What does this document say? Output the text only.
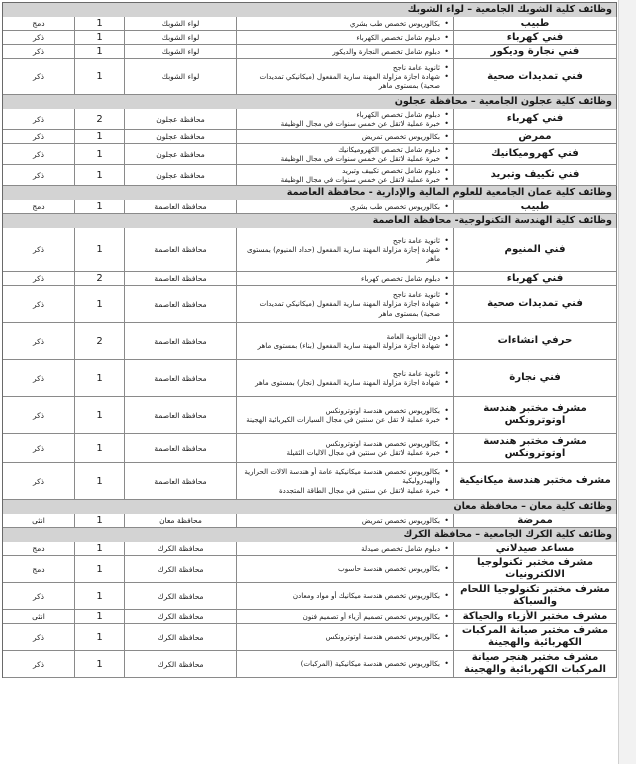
وظائف كلية الشوبك الجامعية – لواء الشوبك
طبيب
• بكالوريوس تخصص طب بشري
لواء الشوبك
1
دمج
فني كهرباء
• دبلوم شامل تخصص الكهرباء
لواء الشوبك
1
ذكر
فني نجارة وديكور
• دبلوم شامل تخصص النجارة والديكور
لواء الشوبك
1
ذكر
فني تمديدات صحية
• ثانوية عامة ناجح
• شهادة اجازة مزاولة المهنة سارية المفعول (ميكانيكي تمديدات صحية) بمستوى ماهر
لواء الشوبك
1
ذكر
وظائف كلية عجلون الجامعية – محافظة عجلون
فني كهرباء
• دبلوم شامل تخصص الكهرباء
• خبرة عملية لاتقل عن خمس سنوات في مجال الوظيفة
محافظة عجلون
2
ذكر
ممرض
• بكالوريوس تخصص تمريض
محافظة عجلون
1
ذكر
فني كهروميكانيك
• دبلوم شامل تخصص الكهروميكانيك
• خبرة عملية لاتقل عن خمس سنوات في مجال الوظيفة
محافظة عجلون
1
ذكر
فني تكييف وتبريد
• دبلوم شامل تخصص تكييف وتبريد
• خبرة عملية لاتقل عن خمس سنوات في مجال الوظيفة
محافظة عجلون
1
ذكر
وظائف كلية عمان الجامعية للعلوم المالية والإدارية - محافظة العاصمة
طبيب
• بكالوريوس تخصص طب بشري
محافظة العاصمة
1
دمج
وظائف كلية الهندسة التكنولوجية- محافظة العاصمة
فني المنيوم
• ثانوية عامة ناجح
• شهادة إجازة مزاولة المهنة سارية المفعول (حداد المنيوم) بمستوى ماهر
محافظة العاصمة
1
ذكر
فني كهرباء
• دبلوم شامل تخصص كهرباء
محافظة العاصمة
2
ذكر
فني تمديدات صحية
• ثانوية عامة ناجح
• شهادة اجازة مزاولة المهنة سارية المفعول (ميكانيكي تمديدات صحية) بمستوى ماهر
محافظة العاصمة
1
ذكر
حرفي انشاءات
• دون الثانوية العامة
• شهادة اجازة مزاولة المهنة سارية المفعول (بناء) بمستوى ماهر
محافظة العاصمة
2
ذكر
فني نجارة
• ثانوية عامة ناجح
• شهادة اجازة مزاولة المهنة سارية المفعول (نجار) بمستوى ماهر
محافظة العاصمة
1
ذكر
مشرف مختبر هندسة اوتوترونكس
• بكالوريوس تخصص هندسة اوتوترونكس
• خبرة عملية لا تقل عن سنتين في مجال السيارات الكيربائية الهجينة
محافظة العاصمة
1
ذكر
مشرف مختبر هندسة اوتوترونكس
• بكالوريوس تخصص هندسة اوتوترونكس
• خبرة عملية لاتقل عن سنتين في مجال الاليات الثقيلة
محافظة العاصمة
1
ذكر
مشرف مختبر هندسة ميكانيكية
• بكالوريوس تخصص هندسة ميكانيكية عامة أو هندسة الالات الحرارية والهيدروليكية
• خبرة عملية لاتقل عن سنتين في مجال الطاقة المتجددة
محافظة العاصمة
1
ذكر
وظائف كلية معان – محافظة معان
ممرضة
• بكالوريوس تخصص تمريض
محافظة معان
1
انثى
وظائف كلية الكرك الجامعية – محافظة الكرك
مساعد صيدلاني
• دبلوم شامل تخصص صيدلة
محافظة الكرك
1
دمج
مشرف مختبر تكنولوجيا الالكترونيات
• بكالوريوس تخصص هندسة حاسوب
محافظة الكرك
1
دمج
مشرف مختبر تكنولوجيا اللحام والسباكة
• بكالوريوس تخصص هندسة ميكانيك أو مواد ومعادن
محافظة الكرك
1
ذكر
مشرف مختبر الأزياء والحياكة
• بكالوريوس تخصص تصميم أزياء أو تصميم فنون
محافظة الكرك
1
انثى
مشرف مختبر صيانة المركبات الكهربائية والهجينة
• بكالوريوس تخصص هندسة اوتوترونكس
محافظة الكرك
1
ذكر
مشرف مختبر هنجر صيانة المركبات الكهربائية والهجينة
• بكالوريوس تخصص هندسة ميكانيكية (المركبات)
محافظة الكرك
1
ذكر
